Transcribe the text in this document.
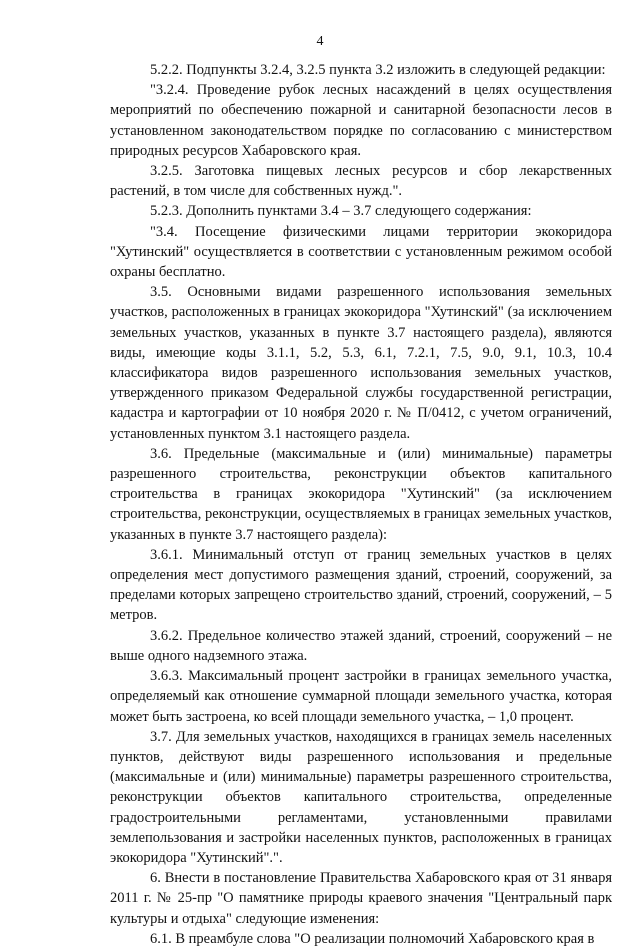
4

5.2.2. Подпункты 3.2.4, 3.2.5 пункта 3.2 изложить в следующей редакции:

"3.2.4. Проведение рубок лесных насаждений в целях осуществления мероприятий по обеспечению пожарной и санитарной безопасности лесов в установленном законодательством порядке по согласованию с министерством природных ресурсов Хабаровского края.

3.2.5. Заготовка пищевых лесных ресурсов и сбор лекарственных растений, в том числе для собственных нужд.".

5.2.3. Дополнить пунктами 3.4 – 3.7 следующего содержания:

"3.4. Посещение физическими лицами территории экокоридора "Хутинский" осуществляется в соответствии с установленным режимом особой охраны бесплатно.

3.5. Основными видами разрешенного использования земельных участков, расположенных в границах экокоридора "Хутинский" (за исключением земельных участков, указанных в пункте 3.7 настоящего раздела), являются виды, имеющие коды 3.1.1, 5.2, 5.3, 6.1, 7.2.1, 7.5, 9.0, 9.1, 10.3, 10.4 классификатора видов разрешенного использования земельных участков, утвержденного приказом Федеральной службы государственной регистрации, кадастра и картографии от 10 ноября 2020 г. № П/0412, с учетом ограничений, установленных пунктом 3.1 настоящего раздела.

3.6. Предельные (максимальные и (или) минимальные) параметры разрешенного строительства, реконструкции объектов капитального строительства в границах экокоридора "Хутинский" (за исключением строительства, реконструкции, осуществляемых в границах земельных участков, указанных в пункте 3.7 настоящего раздела):

3.6.1. Минимальный отступ от границ земельных участков в целях определения мест допустимого размещения зданий, строений, сооружений, за пределами которых запрещено строительство зданий, строений, сооружений, – 5 метров.

3.6.2. Предельное количество этажей зданий, строений, сооружений – не выше одного надземного этажа.

3.6.3. Максимальный процент застройки в границах земельного участка, определяемый как отношение суммарной площади земельного участка, которая может быть застроена, ко всей площади земельного участка, – 1,0 процент.

3.7. Для земельных участков, находящихся в границах земель населенных пунктов, действуют виды разрешенного использования и предельные (максимальные и (или) минимальные) параметры разрешенного строительства, реконструкции объектов капитального строительства, определенные градостроительными регламентами, установленными правилами землепользования и застройки населенных пунктов, расположенных в границах экокоридора "Хутинский".".

6. Внести в постановление Правительства Хабаровского края от 31 января 2011 г. № 25-пр "О памятнике природы краевого значения "Центральный парк культуры и отдыха" следующие изменения:

6.1. В преамбуле слова "О реализации полномочий Хабаровского края в
